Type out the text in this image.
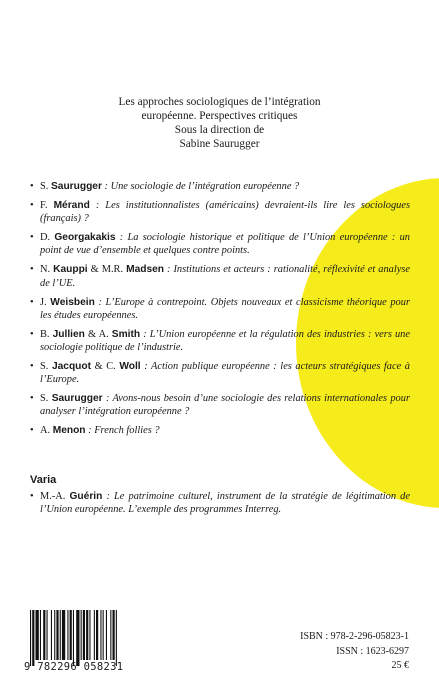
Les approches sociologiques de l’intégration
européenne. Perspectives critiques
Sous la direction de
Sabine Saurugger
• S. Saurugger : Une sociologie de l’intégration européenne ?
• F. Mérand : Les institutionnalistes (américains) devraient-ils lire les sociologues (français) ?
• D. Georgakakis : La sociologie historique et politique de l’Union européenne : un point de vue d’ensemble et quelques contre points.
• N. Kauppi & M.R. Madsen : Institutions et acteurs : rationalité, réflexivité et analyse de l’UE.
• J. Weisbein : L’Europe à contrepoint. Objets nouveaux et classicisme théorique pour les études européennes.
• B. Jullien & A. Smith : L’Union européenne et la régulation des industries : vers une sociologie politique de l’industrie.
• S. Jacquot & C. Woll : Action publique européenne : les acteurs stratégiques face à l’Europe.
• S. Saurugger : Avons-nous besoin d’une sociologie des relations internationales pour analyser l’intégration européenne ?
• A. Menon : French follies ?
Varia
• M.-A. Guérin : Le patrimoine culturel, instrument de la stratégie de légitimation de l’Union européenne. L’exemple des programmes Interreg.
9 782296 058231
ISBN : 978-2-296-05823-1
ISSN : 1623-6297
25 €
